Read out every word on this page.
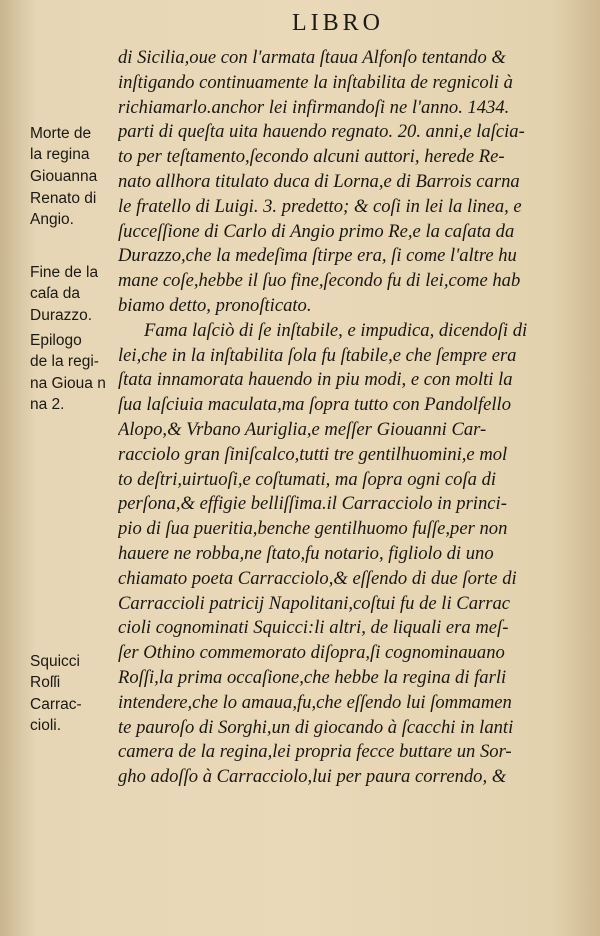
LIBRO
Morte de
la regina
Giouanna
Renato di
Angio.
Fine de la
caſa da
Durazzo.
Epilogo
de la regi-
na Gioua n
na 2.
Squicci
Roſſi
Carrac-
cioli.
di Sicilia,oue con l'armata ſtaua Alfonſo tentando &
inſtigando continuamente la inſtabilita de regnicoli à
richiamarlo.anchor lei infirmandoſi ne l'anno. 1434.
parti di queſta uita hauendo regnato. 20. anni,e laſcia-
to per teſtamento,ſecondo alcuni auttori, herede Re-
nato allhora titulato duca di Lorna,e di Barrois carna
le fratello di Luigi. 3. predetto; & coſi in lei la linea, e
ſucceſſione di Carlo di Angio primo Re,e la caſata da
Durazzo,che la medeſima ſtirpe era, ſi come l'altre hu
mane coſe,hebbe il ſuo fine,ſecondo fu di lei,come hab
biamo detto, pronoſticato.
Fama laſciò di ſe inſtabile, e impudica, dicendoſi di
lei,che in la inſtabilita ſola fu ſtabile,e che ſempre era
ſtata innamorata hauendo in piu modi, e con molti la
ſua laſciuia maculata,ma ſopra tutto con Pandolfello
Alopo,& Vrbano Auriglia,e meſſer Giouanni Car-
racciolo gran ſiniſcalco,tutti tre gentilhuomini,e mol
to deſtri,uirtuoſi,e coſtumati, ma ſopra ogni coſa di
perſona,& effigie belliſſima.il Carracciolo in princi-
pio di ſua pueritia,benche gentilhuomo fuſſe,per non
hauere ne robba,ne ſtato,fu notario, figliolo di uno
chiamato poeta Carracciolo,& eſſendo di due ſorte di
Carraccioli patricij Napolitani,coſtui fu de li Carrac
cioli cognominati Squicci:li altri, de liquali era meſ-
ſer Othino commemorato diſopra,ſi cognominauano
Roſſi,la prima occaſione,che hebbe la regina di farli
intendere,che lo amaua,fu,che eſſendo lui ſommamen
te pauroſo di Sorghi,un di giocando à ſcacchi in lanti
camera de la regina,lei propria fecce buttare un Sor-
gho adoſſo à Carracciolo,lui per paura correndo, &
